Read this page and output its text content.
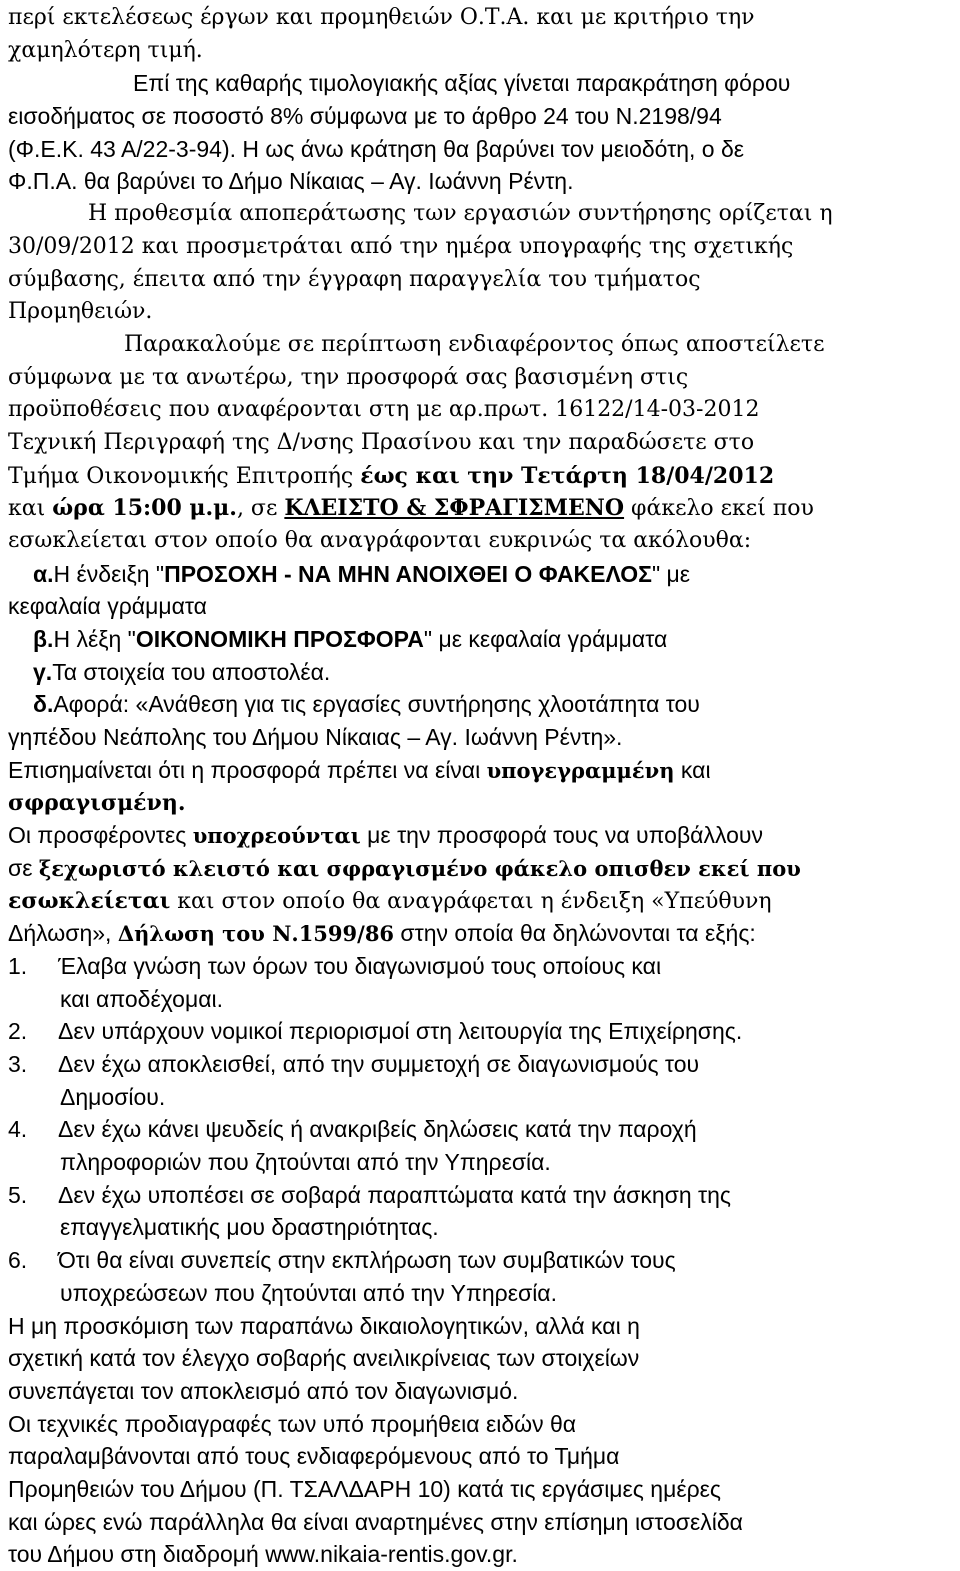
περί εκτελέσεως έργων και προμηθειών Ο.Τ.Α. και με κριτήριο την
χαμηλότερη τιμή.
Επί της καθαρής τιμολογιακής αξίας γίνεται παρακράτηση φόρου
εισοδήματος σε ποσοστό 8% σύμφωνα με το άρθρο 24 του Ν.2198/94
(Φ.Ε.Κ. 43 Α/22-3-94). Η ως άνω κράτηση θα βαρύνει τον μειοδότη, ο δε
Φ.Π.Α. θα βαρύνει το Δήμο Νίκαιας – Αγ. Ιωάννη Ρέντη.
Η προθεσμία αποπεράτωσης των εργασιών συντήρησης ορίζεται η
30/09/2012 και προσμετράται από την ημέρα υπογραφής της σχετικής
σύμβασης, έπειτα από την έγγραφη παραγγελία του τμήματος
Προμηθειών.
Παρακαλούμε σε περίπτωση ενδιαφέροντος όπως αποστείλετε
σύμφωνα με τα ανωτέρω, την προσφορά σας βασισμένη στις
προϋποθέσεις που αναφέρονται στη με αρ.πρωτ. 16122/14-03-2012
Τεχνική Περιγραφή της Δ/νσης Πρασίνου και την παραδώσετε στο
Τμήμα Οικονομικής Επιτροπής έως και την Τετάρτη 18/04/2012
και ώρα 15:00 μ.μ., σε ΚΛΕΙΣΤΟ & ΣΦΡΑΓΙΣΜΕΝΟ φάκελο εκεί που
εσωκλείεται στον οποίο θα αναγράφονται ευκρινώς τα ακόλουθα:
α.Η ένδειξη "ΠΡΟΣΟΧΗ - ΝΑ ΜΗΝ ΑΝΟΙΧΘΕΙ Ο ΦΑΚΕΛΟΣ" με
κεφαλαία γράμματα
β.Η λέξη "ΟΙΚΟΝΟΜΙΚΗ ΠΡΟΣΦΟΡΑ" με κεφαλαία γράμματα
γ.Τα στοιχεία του αποστολέα.
δ.Αφορά: «Ανάθεση για τις εργασίες συντήρησης χλοοτάπητα του
γηπέδου Νεάπολης του Δήμου Νίκαιας – Αγ. Ιωάννη Ρέντη».
Επισημαίνεται ότι η προσφορά πρέπει να είναι υπογεγραμμένη και
σφραγισμένη.
Οι προσφέροντες υποχρεούνται με την προσφορά τους να υποβάλλουν
σε ξεχωριστό κλειστό και σφραγισμένο φάκελο οπισθεν εκεί που
εσωκλείεται και στον οποίο θα αναγράφεται η ένδειξη «Υπεύθυνη
Δήλωση», Δήλωση του Ν.1599/86 στην οποία θα δηλώνονται τα εξής:
1. Έλαβα γνώση των όρων του διαγωνισμού τους οποίους και
και αποδέχομαι.
2. Δεν υπάρχουν νομικοί περιορισμοί στη λειτουργία της Επιχείρησης.
3. Δεν έχω αποκλεισθεί, από την συμμετοχή σε διαγωνισμούς του
Δημοσίου.
4. Δεν έχω κάνει ψευδείς ή ανακριβείς δηλώσεις κατά την παροχή
πληροφοριών που ζητούνται από την Υπηρεσία.
5. Δεν έχω υποπέσει σε σοβαρά παραπτώματα κατά την άσκηση της
επαγγελματικής μου δραστηριότητας.
6. Ότι θα είναι συνεπείς στην εκπλήρωση των συμβατικών τους
υποχρεώσεων που ζητούνται από την Υπηρεσία.
Η μη προσκόμιση των παραπάνω δικαιολογητικών, αλλά και η
σχετική κατά τον έλεγχο σοβαρής ανειλικρίνειας των στοιχείων
συνεπάγεται τον αποκλεισμό από τον διαγωνισμό.
Οι τεχνικές προδιαγραφές των υπό προμήθεια ειδών θα
παραλαμβάνονται από τους ενδιαφερόμενους από το Τμήμα
Προμηθειών του Δήμου (Π. ΤΣΑΛΔΑΡΗ 10) κατά τις εργάσιμες ημέρες
και ώρες ενώ παράλληλα θα είναι αναρτημένες στην επίσημη ιστοσελίδα
του Δήμου στη διαδρομή www.nikaia-rentis.gov.gr.
